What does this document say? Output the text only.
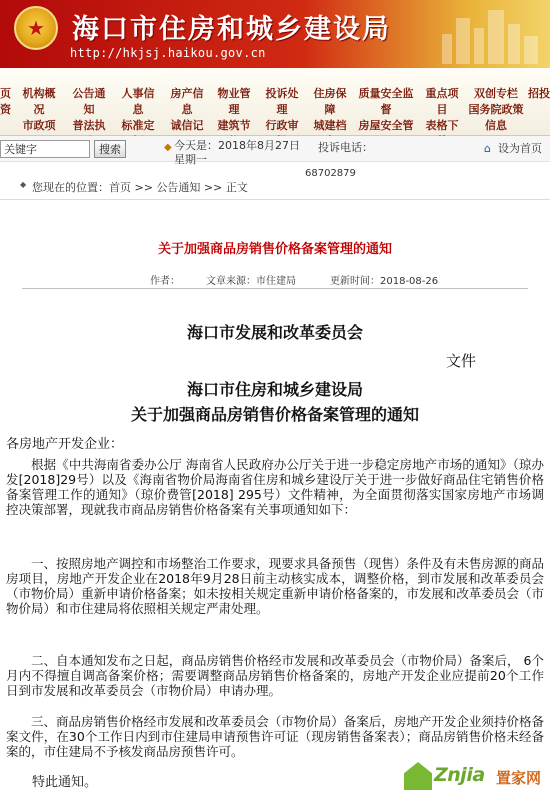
★
海口市住房和城乡建设局
http://hkjsj.haikou.gov.cn
页
资
机构概况
市政项
公告通知
普法执
人事信息
标准定
房产信息
诚信记
物业管理
建筑节
投诉处理
行政审
住房保障
城建档
质量安全监督
房屋安全管
重点项目
表格下
双创专栏
国务院政策信息
招投
关键字
搜索	◆ 今天是：2018年8月27日 星期一
投诉电话：
68702879
⌂ 设为首页
◆ 您现在的位置：首页 >> 公告通知 >> 正文
关于加强商品房销售价格备案管理的通知
作者：	文章来源：市住建局	更新时间：2018-08-26
海口市发展和改革委员会
文件
海口市住房和城乡建设局
关于加强商品房销售价格备案管理的通知
各房地产开发企业：
根据《中共海南省委办公厅 海南省人民政府办公厅关于进一步稳定房地产市场的通知》（琼办发[2018]29号）以及《海南省物价局海南省住房和城乡建设厅关于进一步做好商品住宅销售价格备案管理工作的通知》（琼价费管[2018] 295号）文件精神，为全面贯彻落实国家房地产市场调控决策部署，现就我市商品房销售价格备案有关事项通知如下：
一、按照房地产调控和市场整治工作要求，现要求具备预售（现售）条件及有未售房源的商品房项目，房地产开发企业在2018年9月28日前主动核实成本，调整价格，到市发展和改革委员会（市物价局）重新申请价格备案；如未按相关规定重新申请价格备案的，市发展和改革委员会（市物价局）和市住建局将依照相关规定严肃处理。
二、自本通知发布之日起，商品房销售价格经市发展和改革委员会（市物价局）备案后， 6个月内不得擅自调高备案价格；需要调整商品房销售价格备案的，房地产开发企业应提前20个工作日到市发展和改革委员会（市物价局）申请办理。
三、商品房销售价格经市发展和改革委员会（市物价局）备案后，房地产开发企业须持价格备案文件，在30个工作日内到市住建局申请预售许可证（现房销售备案表）；商品房销售价格未经备案的，市住建局不予核发商品房预售许可。
特此通知。	Znjia 置家网
